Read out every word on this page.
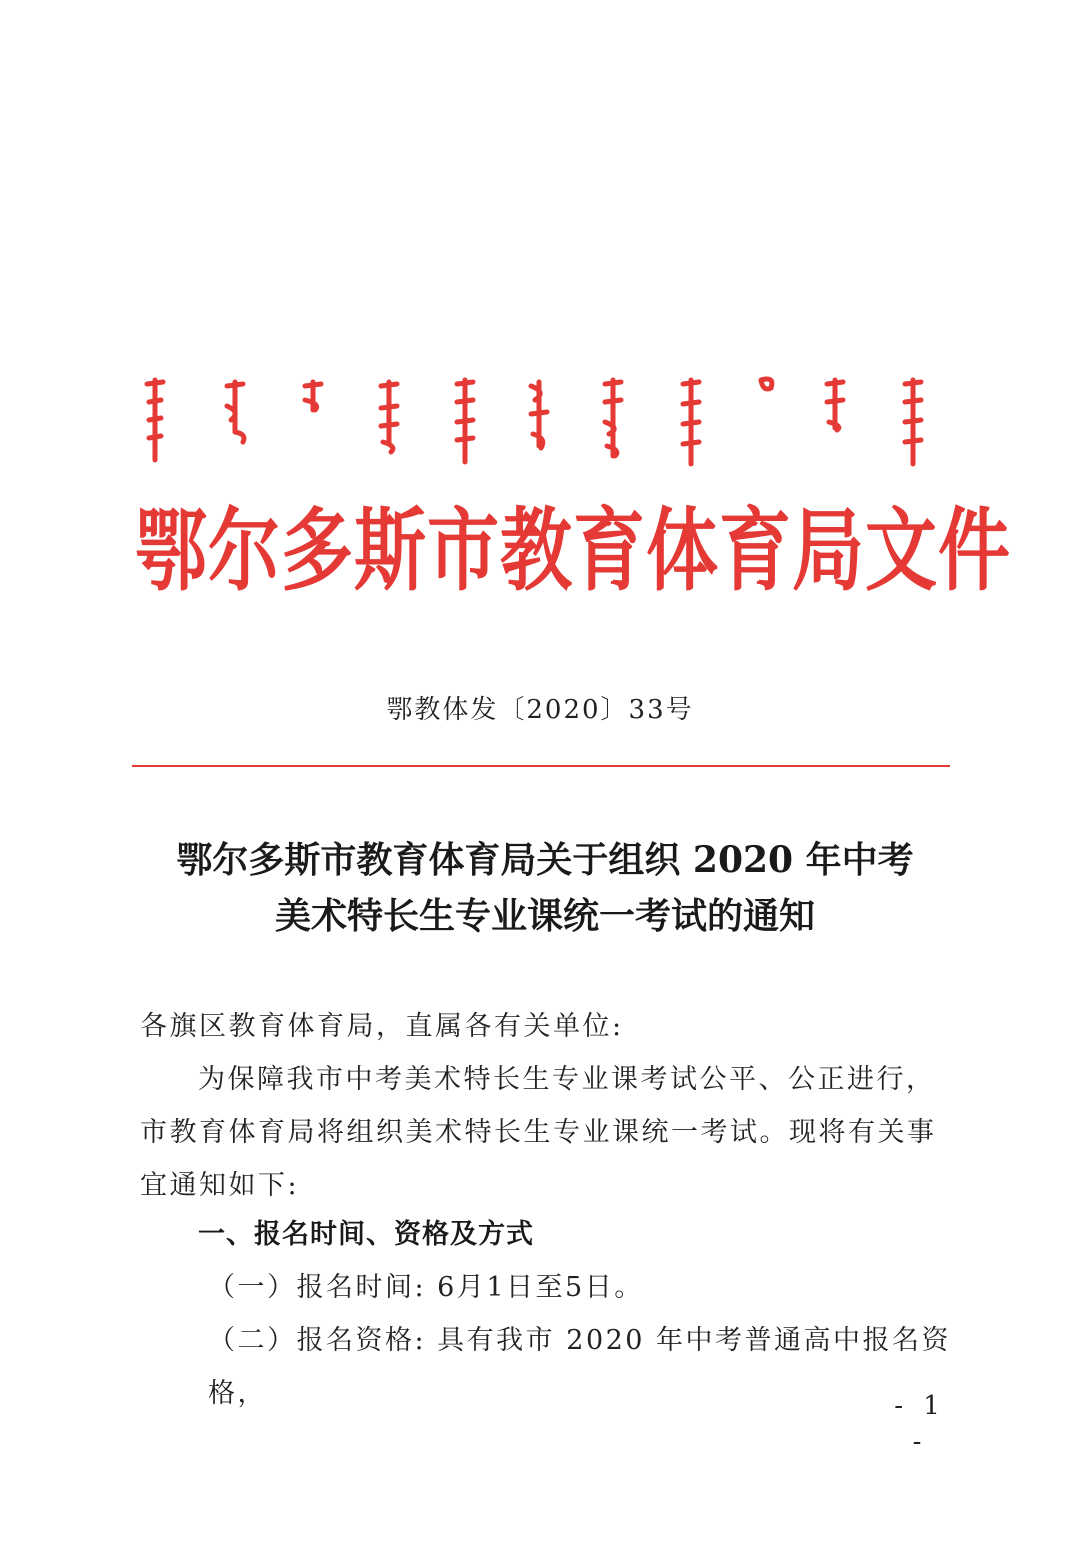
鄂尔多斯市教育体育局文件
鄂教体发〔2020〕33号
鄂尔多斯市教育体育局关于组织 2020 年中考
美术特长生专业课统一考试的通知
各旗区教育体育局，直属各有关单位:
为保障我市中考美术特长生专业课考试公平、公正进行，市教育体育局将组织美术特长生专业课统一考试。现将有关事宜通知如下:
一、报名时间、资格及方式
（一）报名时间: 6月1日至5日。
（二）报名资格: 具有我市 2020 年中考普通高中报名资格，	- 1 -
